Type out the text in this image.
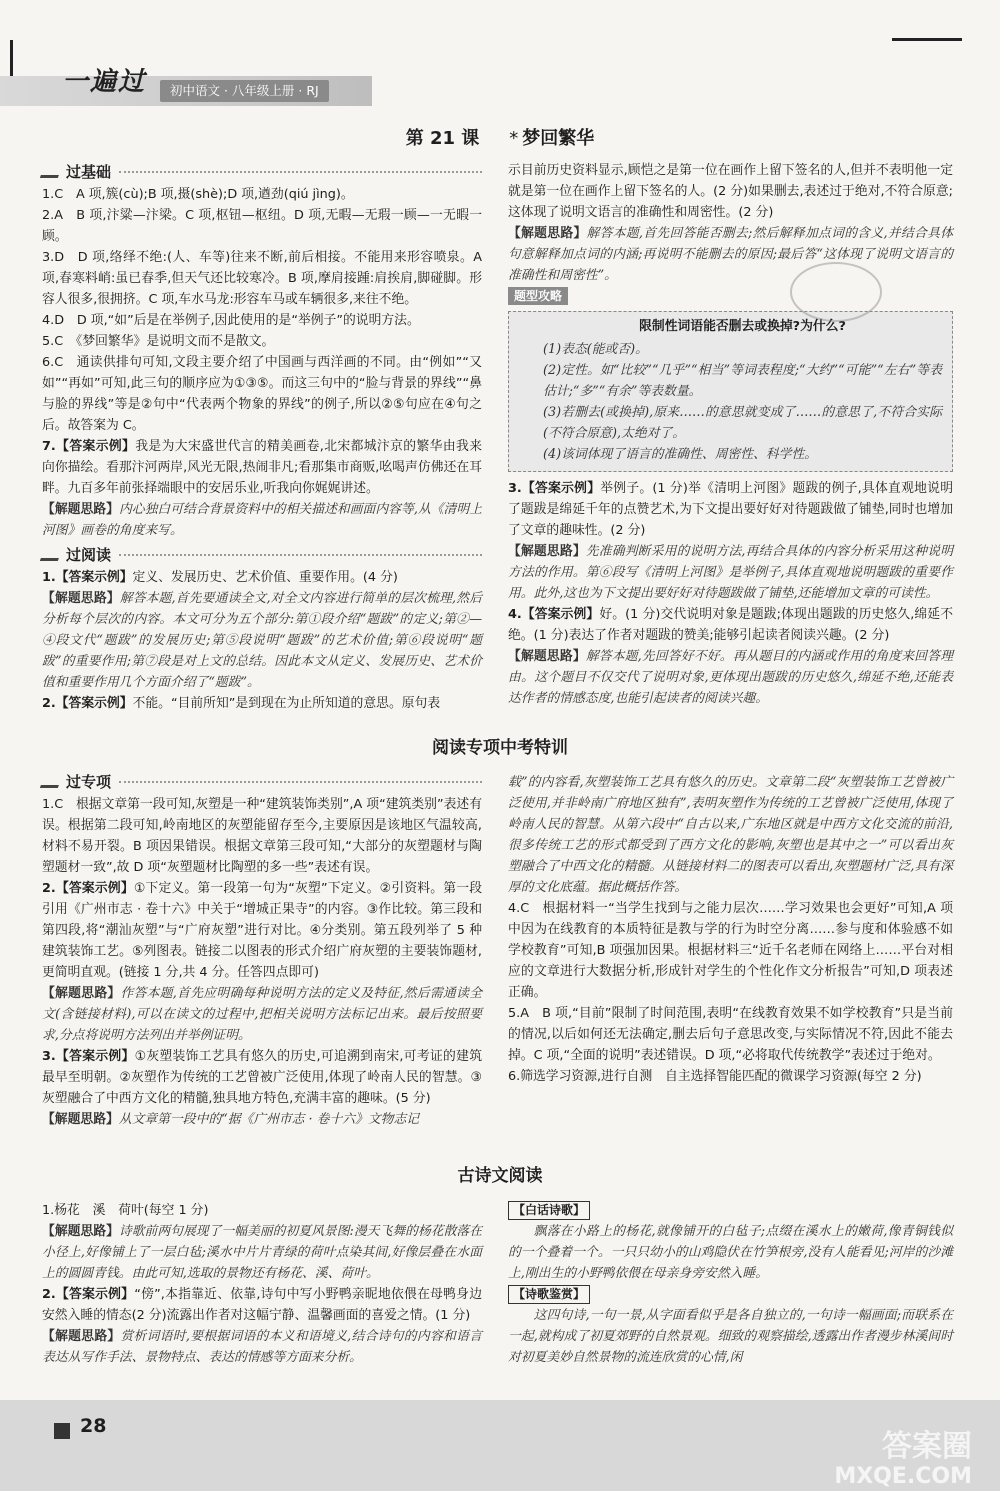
一遍过	初中语文 · 八年级上册 · RJ
第 21 课 * 梦回繁华
过基础

1.C　A 项,簇(cù);B 项,摄(shè);D 项,遒劲(qiú jìng)。

2.A　B 项,汴粱—汴梁。C 项,枢钮—枢纽。D 项,无暇—无瑕一顾—一无暇一顾。

3.D　D 项,络绎不绝:(人、车等)往来不断,前后相接。不能用来形容喷泉。A 项,春寒料峭:虽已春季,但天气还比较寒冷。B 项,摩肩接踵:肩挨肩,脚碰脚。形容人很多,很拥挤。C 项,车水马龙:形容车马或车辆很多,来往不绝。

4.D　D 项,“如”后是在举例子,因此使用的是“举例子”的说明方法。

5.C　《梦回繁华》是说明文而不是散文。

6.C　通读供排句可知,文段主要介绍了中国画与西洋画的不同。由“例如”“又如”“再如”可知,此三句的顺序应为①③⑤。而这三句中的“脸与背景的界线”“鼻与脸的界线”等是②句中“代表两个物象的界线”的例子,所以②⑤句应在④句之后。故答案为 C。

7.【答案示例】我是为大宋盛世代言的精美画卷,北宋都城汴京的繁华由我来向你描绘。看那汴河两岸,风光无限,热闹非凡;看那集市商贩,吆喝声仿佛还在耳畔。九百多年前张择端眼中的安居乐业,听我向你娓娓讲述。

【解题思路】内心独白可结合背景资料中的相关描述和画面内容等,从《清明上河图》画卷的角度来写。

过阅读

1.【答案示例】定义、发展历史、艺术价值、重要作用。(4 分)

【解题思路】解答本题,首先要通读全文,对全文内容进行简单的层次梳理,然后分析每个层次的内容。本文可分为五个部分:第①段介绍“题跋”的定义;第②—④段文代“题跋”的发展历史;第⑤段说明“题跋”的艺术价值;第⑥段说明“题跋”的重要作用;第⑦段是对上文的总结。因此本文从定义、发展历史、艺术价值和重要作用几个方面介绍了“题跋”。

2.【答案示例】不能。“目前所知”是到现在为止所知道的意思。原句表

示目前历史资料显示,顾恺之是第一位在画作上留下签名的人,但并不表明他一定就是第一位在画作上留下签名的人。(2 分)如果删去,表述过于绝对,不符合原意;这体现了说明文语言的准确性和周密性。(2 分)

【解题思路】解答本题,首先回答能否删去;然后解释加点词的含义,并结合具体句意解释加点词的内涵;再说明不能删去的原因;最后答“这体现了说明文语言的准确性和周密性”。

题型攻略
限制性词语能否删去或换掉?为什么?

(1)表态(能或否)。

(2)定性。如“比较”“几乎”“相当”等词表程度;“大约”“可能”“左右”等表估计;“多”“有余”等表数量。

(3)若删去(或换掉),原来……的意思就变成了……的意思了,不符合实际(不符合原意),太绝对了。

(4)该词体现了语言的准确性、周密性、科学性。

3.【答案示例】举例子。(1 分)举《清明上河图》题跋的例子,具体直观地说明了题跋是绵延千年的点赞艺术,为下文提出要好好对待题跋做了铺垫,同时也增加了文章的趣味性。(2 分)

【解题思路】先准确判断采用的说明方法,再结合具体的内容分析采用这种说明方法的作用。第⑥段写《清明上河图》是举例子,具体直观地说明题跋的重要作用。此外,这也为下文提出要好好对待题跋做了铺垫,还能增加文章的可读性。

4.【答案示例】好。(1 分)交代说明对象是题跋;体现出题跋的历史悠久,绵延不绝。(1 分)表达了作者对题跋的赞美;能够引起读者阅读兴趣。(2 分)

【解题思路】解答本题,先回答好不好。再从题目的内涵或作用的角度来回答理由。这个题目不仅交代了说明对象,更体现出题跋的历史悠久,绵延不绝,还能表达作者的情感态度,也能引起读者的阅读兴趣。

阅读专项中考特训
过专项

1.C　根据文章第一段可知,灰塑是一种“建筑装饰类别”,A 项“建筑类别”表述有误。根据第二段可知,岭南地区的灰塑能留存至今,主要原因是该地区气温较高,材料不易开裂。B 项因果错误。根据文章第三段可知,“大部分的灰塑题材与陶塑题材一致”,故 D 项“灰塑题材比陶塑的多一些”表述有误。

2.【答案示例】①下定义。第一段第一句为“灰塑”下定义。②引资料。第一段引用《广州市志 · 卷十六》中关于“增城正果寺”的内容。③作比较。第三段和第四段,将“潮汕灰塑”与“广府灰塑”进行对比。④分类别。第五段列举了 5 种建筑装饰工艺。⑤列图表。链接二以图表的形式介绍广府灰塑的主要装饰题材,更简明直观。(链接 1 分,共 4 分。任答四点即可)

【解题思路】作答本题,首先应明确每种说明方法的定义及特征,然后需通读全文(含链接材料),可以在读文的过程中,把相关说明方法标记出来。最后按照要求,分点将说明方法列出并举例证明。

3.【答案示例】①灰塑装饰工艺具有悠久的历史,可追溯到南宋,可考证的建筑最早至明朝。②灰塑作为传统的工艺曾被广泛使用,体现了岭南人民的智慧。③灰塑融合了中西方文化的精髓,独具地方特色,充满丰富的趣味。(5 分)

【解题思路】从文章第一段中的“据《广州市志 · 卷十六》文物志记

载”的内容看,灰塑装饰工艺具有悠久的历史。文章第二段“灰塑装饰工艺曾被广泛使用,并非岭南广府地区独有”,表明灰塑作为传统的工艺曾被广泛使用,体现了岭南人民的智慧。从第六段中“自古以来,广东地区就是中西方文化交流的前沿,很多传统工艺的形式都受到了西方文化的影响,灰塑也是其中之一”可以看出灰塑融合了中西文化的精髓。从链接材料二的图表可以看出,灰塑题材广泛,具有深厚的文化底蕴。据此概括作答。

4.C　根据材料一“当学生找到与之能力层次……学习效果也会更好”可知,A 项中因为在线教育的本质特征是教与学的行为时空分离……参与度和体验感不如学校教育”可知,B 项强加因果。根据材料三“近千名老师在网络上……平台对相应的文章进行大数据分析,形成针对学生的个性化作文分析报告”可知,D 项表述正确。

5.A　B 项,“目前”限制了时间范围,表明“在线教育效果不如学校教育”只是当前的情况,以后如何还无法确定,删去后句子意思改变,与实际情况不符,因此不能去掉。C 项,“全面的说明”表述错误。D 项,“必将取代传统教学”表述过于绝对。

6.筛选学习资源,进行自测　自主选择智能匹配的微课学习资源(每空 2 分)

古诗文阅读

1.杨花　溪　荷叶(每空 1 分)

【解题思路】诗歌前两句展现了一幅美丽的初夏风景图:漫天飞舞的杨花散落在小径上,好像铺上了一层白毡;溪水中片片青绿的荷叶点染其间,好像层叠在水面上的圆圆青钱。由此可知,选取的景物还有杨花、溪、荷叶。

2.【答案示例】“傍”,本指靠近、依靠,诗句中写小野鸭亲昵地依偎在母鸭身边安然入睡的情态(2 分)流露出作者对这幅宁静、温馨画面的喜爱之情。(1 分)

【解题思路】赏析词语时,要根据词语的本义和语境义,结合诗句的内容和语言表达从写作手法、景物特点、表达的情感等方面来分析。

【白话诗歌】

飘落在小路上的杨花,就像铺开的白毡子;点缀在溪水上的嫩荷,像青铜钱似的一个叠着一个。一只只幼小的山鸡隐伏在竹笋根旁,没有人能看见;河岸的沙滩上,刚出生的小野鸭依偎在母亲身旁安然入睡。

【诗歌鉴赏】

这四句诗,一句一景,从字面看似乎是各自独立的,一句诗一幅画面;而联系在一起,就构成了初夏郊野的自然景观。细致的观察描绘,透露出作者漫步林溪间时对初夏美妙自然景物的流连欣赏的心情,闲

28
答案圈
MXQE.COM
